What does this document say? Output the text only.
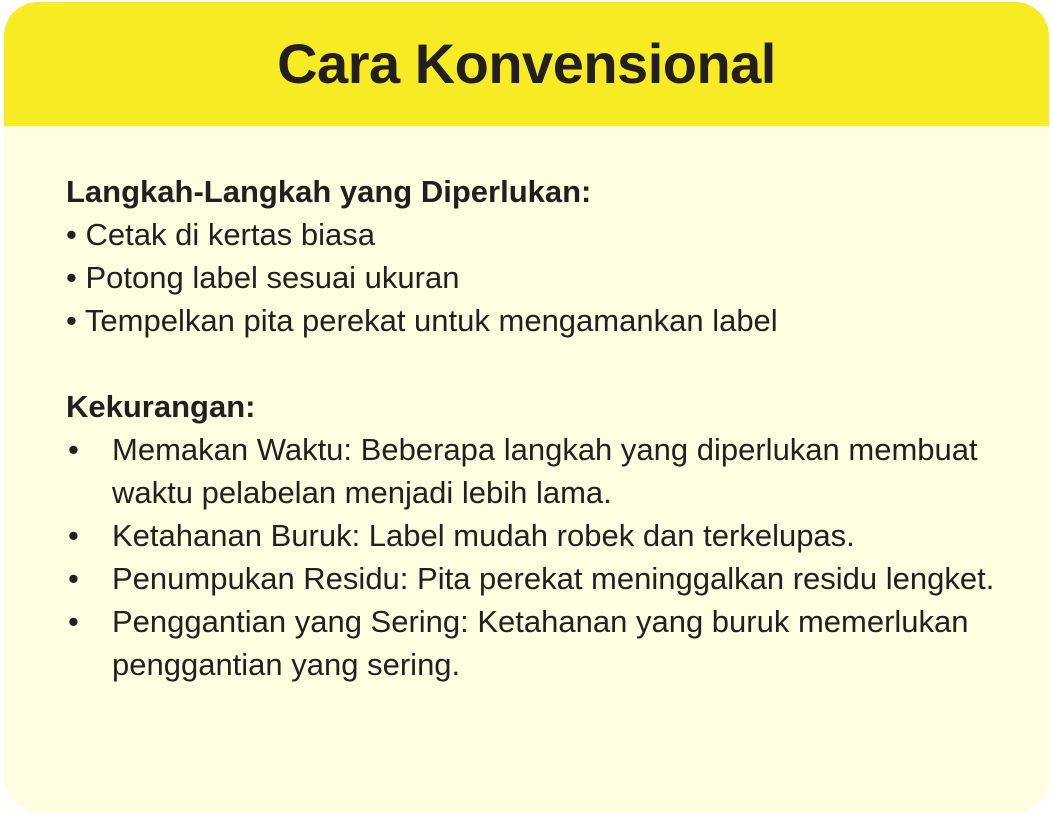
Cara Konvensional

Langkah-Langkah yang Diperlukan:

• Cetak di kertas biasa
• Potong label sesuai ukuran
• Tempelkan pita perekat untuk mengamankan label

Kekurangan:

• Memakan Waktu: Beberapa langkah yang diperlukan membuat waktu pelabelan menjadi lebih lama.
• Ketahanan Buruk: Label mudah robek dan terkelupas.
• Penumpukan Residu: Pita perekat meninggalkan residu lengket.
• Penggantian yang Sering: Ketahanan yang buruk memerlukan penggantian yang sering.
